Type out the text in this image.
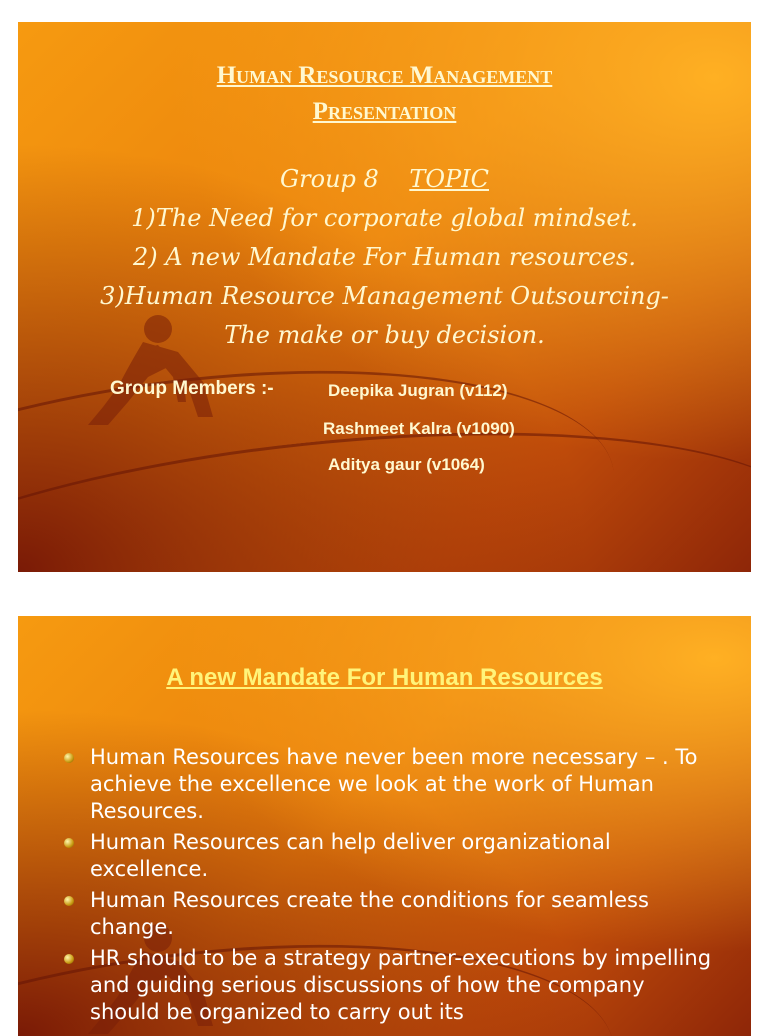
Human Resource Management
Presentation
Group 8 TOPIC
1)The Need for corporate global mindset.
2) A new Mandate For Human resources.
3)Human Resource Management Outsourcing-
The make or buy decision.
Group Members :-	Deepika Jugran (v112)
Rashmeet Kalra (v1090)
Aditya gaur (v1064)
A new Mandate For Human Resources
Human Resources have never been more necessary – . To achieve the excellence we look at the work of Human Resources.
Human Resources can help deliver organizational excellence.
Human Resources create the conditions for seamless change.
HR should to be a strategy partner-executions by impelling and guiding serious discussions of how the company should be organized to carry out its
